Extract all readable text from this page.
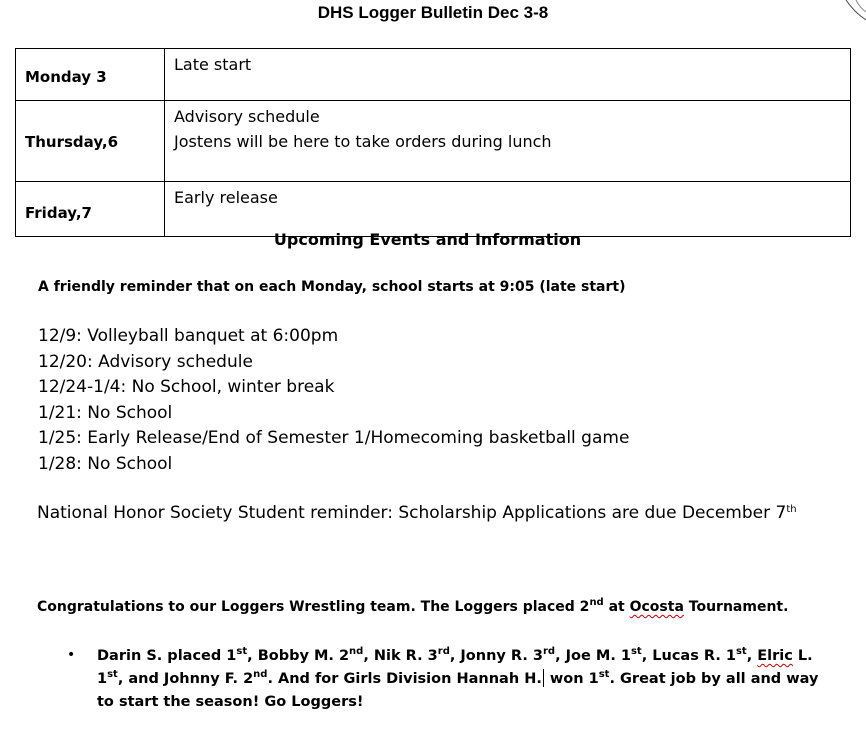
DHS Logger Bulletin Dec 3-8
Monday 3	Late start

Thursday,6	Advisory schedule
Jostens will be here to take orders during lunch

Friday,7	Early release
Upcoming Events and Information
A friendly reminder that on each Monday, school starts at 9:05 (late start)
12/9: Volleyball banquet at 6:00pm
12/20: Advisory schedule
12/24-1/4: No School, winter break
1/21: No School
1/25: Early Release/End of Semester 1/Homecoming basketball game
1/28: No School
National Honor Society Student reminder: Scholarship Applications are due December 7th
Congratulations to our Loggers Wrestling team. The Loggers placed 2nd at Ocosta Tournament.
• Darin S. placed 1st, Bobby M. 2nd, Nik R. 3rd, Jonny R. 3rd, Joe M. 1st, Lucas R. 1st, Elric L. 1st, and Johnny F. 2nd. And for Girls Division Hannah H. won 1st. Great job by all and way to start the season! Go Loggers!
